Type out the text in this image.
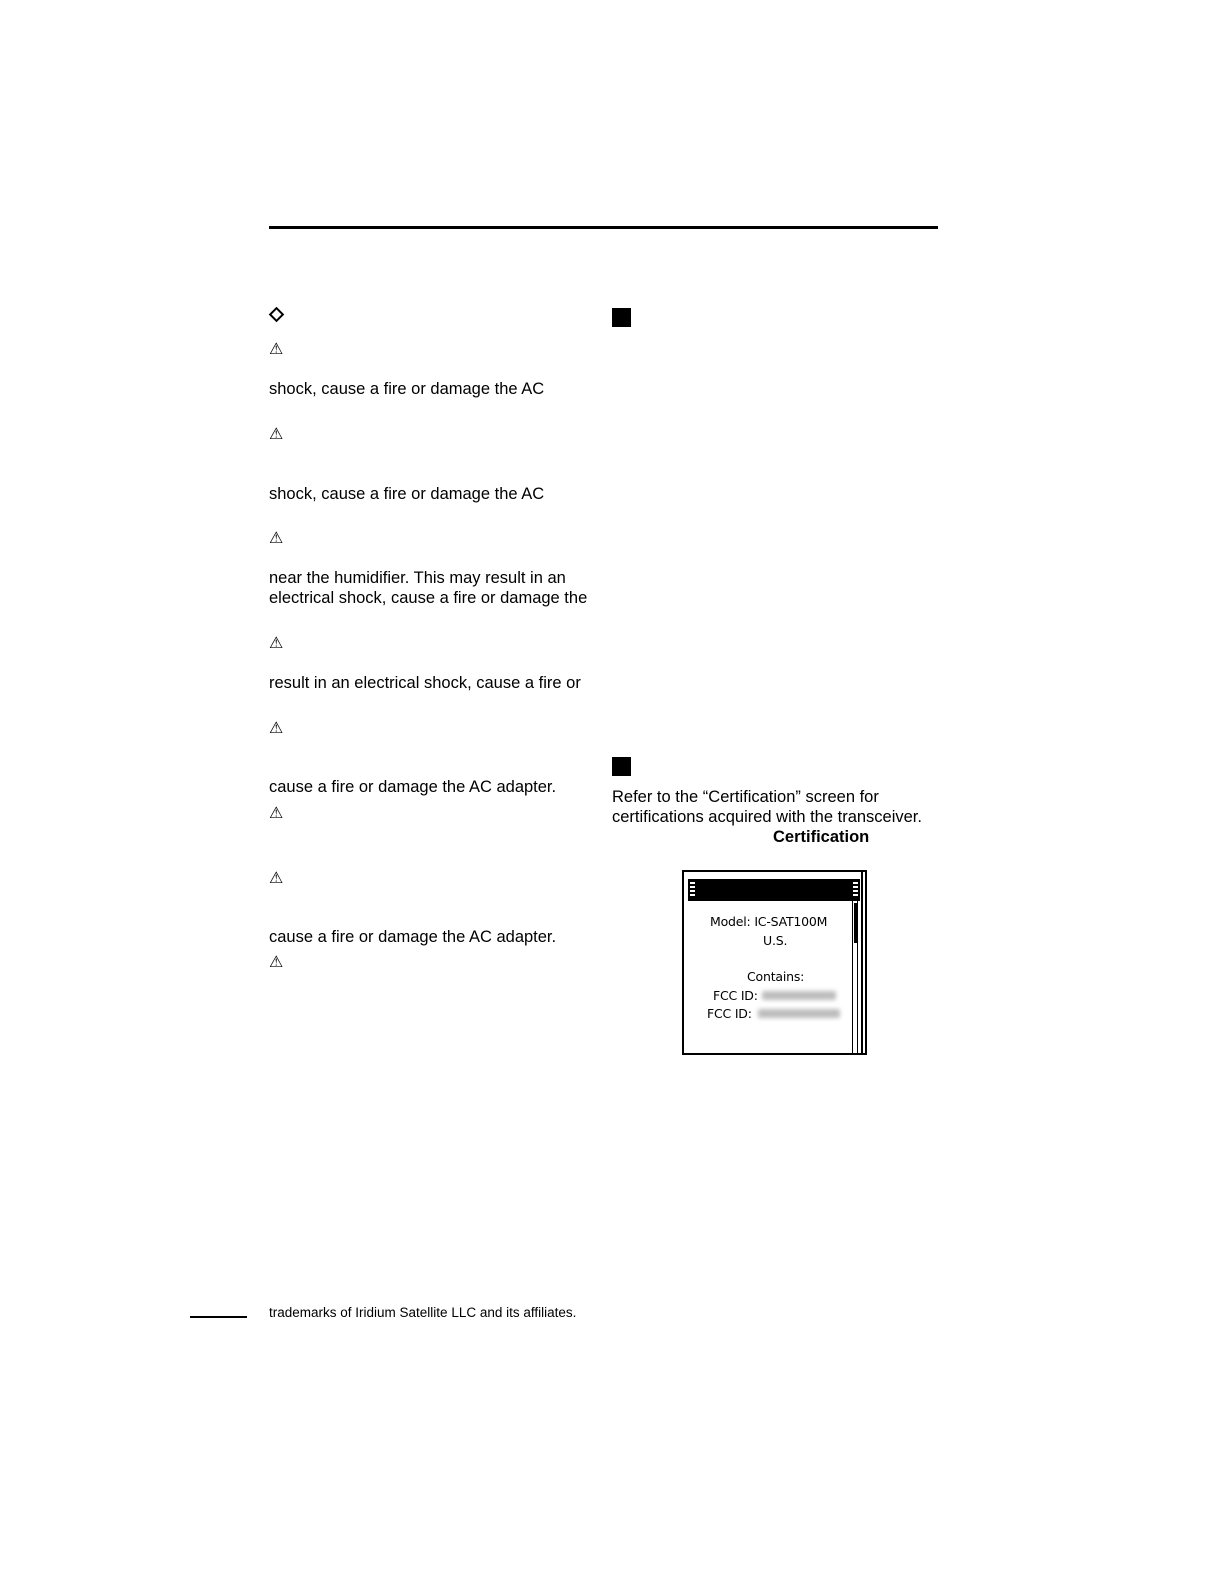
⚠
shock, cause a fire or damage the AC
⚠
shock, cause a fire or damage the AC
⚠
near the humidifier. This may result in an
electrical shock, cause a fire or damage the
⚠
result in an electrical shock, cause a fire or
⚠
cause a fire or damage the AC adapter.
⚠
⚠
cause a fire or damage the AC adapter.
⚠
Refer to the “Certification” screen for
certifications acquired with the transceiver.
Certification
Model: IC-SAT100M
U.S.
Contains:
FCC ID:
FCC ID:
trademarks of Iridium Satellite LLC and its affiliates.
